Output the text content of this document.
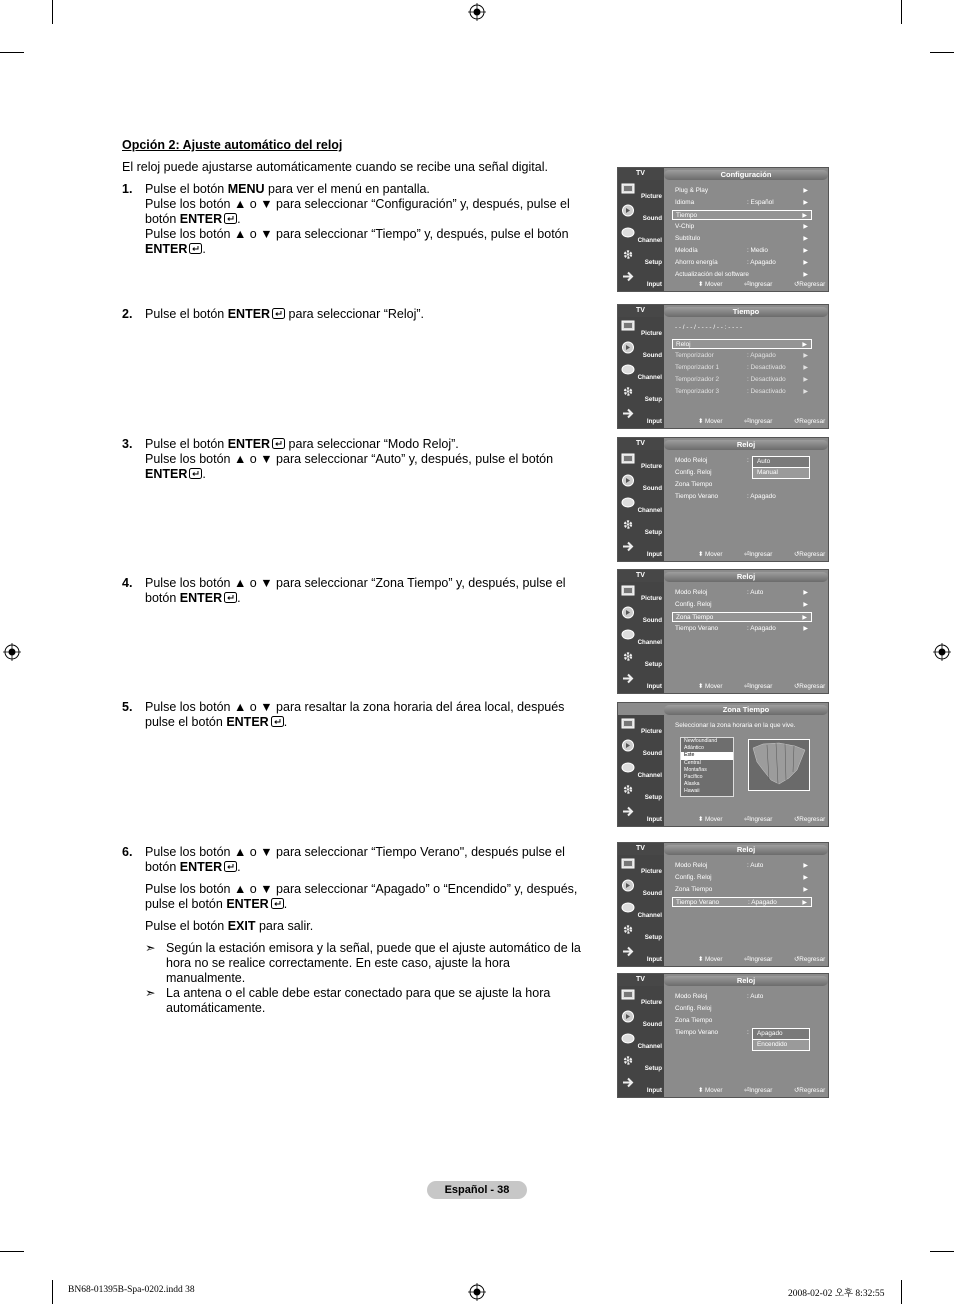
Opción 2: Ajuste automático del reloj
El reloj puede ajustarse automáticamente cuando se recibe una señal digital.
1. Pulse el botón MENU para ver el menú en pantalla.

Pulse los botón ▲ o ▼ para seleccionar “Configuración” y, después, pulse el botón ENTER .

Pulse los botón ▲ o ▼ para seleccionar “Tiempo” y, después, pulse el botón ENTER .

2. Pulse el botón ENTER para seleccionar “Reloj”.

3. Pulse el botón ENTER para seleccionar “Modo Reloj”.

Pulse los botón ▲ o ▼ para seleccionar “Auto” y, después, pulse el botón ENTER .

4. Pulse los botón ▲ o ▼ para seleccionar “Zona Tiempo” y, después, pulse el botón ENTER .

5. Pulse los botón ▲ o ▼ para resaltar la zona horaria del área local, después pulse el botón ENTER .

6. Pulse los botón ▲ o ▼ para seleccionar “Tiempo Verano", después pulse el botón ENTER .

Pulse los botón ▲ o ▼ para seleccionar “Apagado” o “Encendido” y, después, pulse el botón ENTER .

Pulse el botón EXIT para salir.

➣ Según la estación emisora y la señal, puede que el ajuste automático de la hora no se realice correctamente. En este caso, ajuste la hora manualmente.
➣ La antena o el cable debe estar conectado para que se ajuste la hora automáticamente.
Español - 38
BN68-01395B-Spa-0202.indd 38	2008-02-02 오후 8:32:55
TV	Configuración
Picture
Sound
Channel
Setup
Input
Plug & Play	▶
Idioma	: Español	▶
Tiempo	▶
V-Chip	▶
Subtítulo	▶
Melodía	: Medio	▶
Ahorro energía	: Apagado	▶
Actualización del software	▶
⬍ Mover	⏎Ingresar	↺Regresar
TV	Tiempo
Picture
Sound
Channel
Setup
Input
- - / - - / - - - - / - - : - - - -
Reloj	▶
Temporizador	: Apagado	▶
Temporizador 1	: Desactivado	▶
Temporizador 2	: Desactivado	▶
Temporizador 3	: Desactivado	▶
⬍ Mover	⏎Ingresar	↺Regresar
TV	Reloj
Picture
Sound
Channel
Setup
Input
Modo Reloj	:
Config. Reloj
Zona Tiempo
Tiempo Verano	: Apagado
Auto
Manual
⬍ Mover	⏎Ingresar	↺Regresar
TV	Reloj
Picture
Sound
Channel
Setup
Input
Modo Reloj	: Auto	▶
Config. Reloj	▶
Zona Tiempo	▶
Tiempo Verano	: Apagado	▶
⬍ Mover	⏎Ingresar	↺Regresar
Zona Tiempo
Picture
Sound
Channel
Setup
Input
Seleccionar la zona horaria en la que vive.
Newfoundland
Atlántico
Este
Central
Montañas
Pacífico
Alaska
Hawaii
⬍ Mover	⏎Ingresar	↺Regresar
TV	Reloj
Picture
Sound
Channel
Setup
Input
Modo Reloj	: Auto	▶
Config. Reloj	▶
Zona Tiempo	▶
Tiempo Verano	: Apagado	▶
⬍ Mover	⏎Ingresar	↺Regresar
TV	Reloj
Picture
Sound
Channel
Setup
Input
Modo Reloj	: Auto
Config. Reloj
Zona Tiempo
Tiempo Verano	:	Apagado
Encendido
⬍ Mover	⏎Ingresar	↺Regresar
